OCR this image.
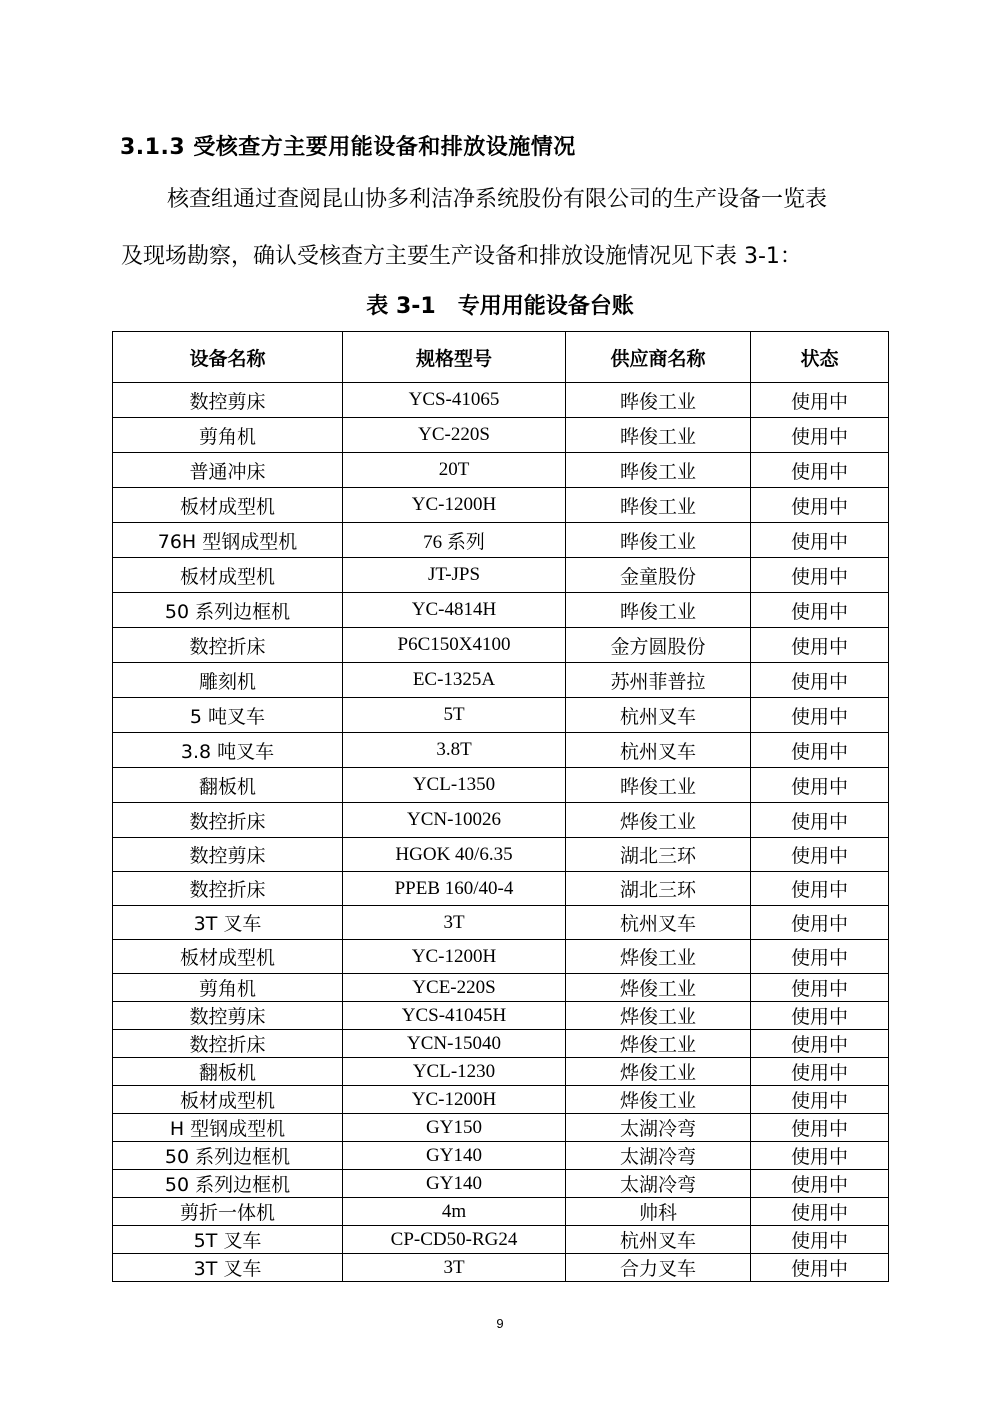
3.1.3 受核查方主要用能设备和排放设施情况
核查组通过查阅昆山协多利洁净系统股份有限公司的生产设备一览表
及现场勘察，确认受核查方主要生产设备和排放设施情况见下表 3-1：
表 3-1　专用用能设备台账
设备名称	规格型号	供应商名称	状态
数控剪床	YCS-41065	晔俊工业	使用中
剪角机	YC-220S	晔俊工业	使用中
普通冲床	20T	晔俊工业	使用中
板材成型机	YC-1200H	晔俊工业	使用中
76H 型钢成型机	76 系列	晔俊工业	使用中
板材成型机	JT-JPS	金童股份	使用中
50 系列边框机	YC-4814H	晔俊工业	使用中
数控折床	P6C150X4100	金方圆股份	使用中
雕刻机	EC-1325A	苏州菲普拉	使用中
5 吨叉车	5T	杭州叉车	使用中
3.8 吨叉车	3.8T	杭州叉车	使用中
翻板机	YCL-1350	晔俊工业	使用中
数控折床	YCN-10026	烨俊工业	使用中
数控剪床	HGOK 40/6.35	湖北三环	使用中
数控折床	PPEB 160/40-4	湖北三环	使用中
3T 叉车	3T	杭州叉车	使用中
板材成型机	YC-1200H	烨俊工业	使用中
剪角机	YCE-220S	烨俊工业	使用中
数控剪床	YCS-41045H	烨俊工业	使用中
数控折床	YCN-15040	烨俊工业	使用中
翻板机	YCL-1230	烨俊工业	使用中
板材成型机	YC-1200H	烨俊工业	使用中
H 型钢成型机	GY150	太湖冷弯	使用中
50 系列边框机	GY140	太湖冷弯	使用中
50 系列边框机	GY140	太湖冷弯	使用中
剪折一体机	4m	帅科	使用中
5T 叉车	CP-CD50-RG24	杭州叉车	使用中
3T 叉车	3T	合力叉车	使用中
9
